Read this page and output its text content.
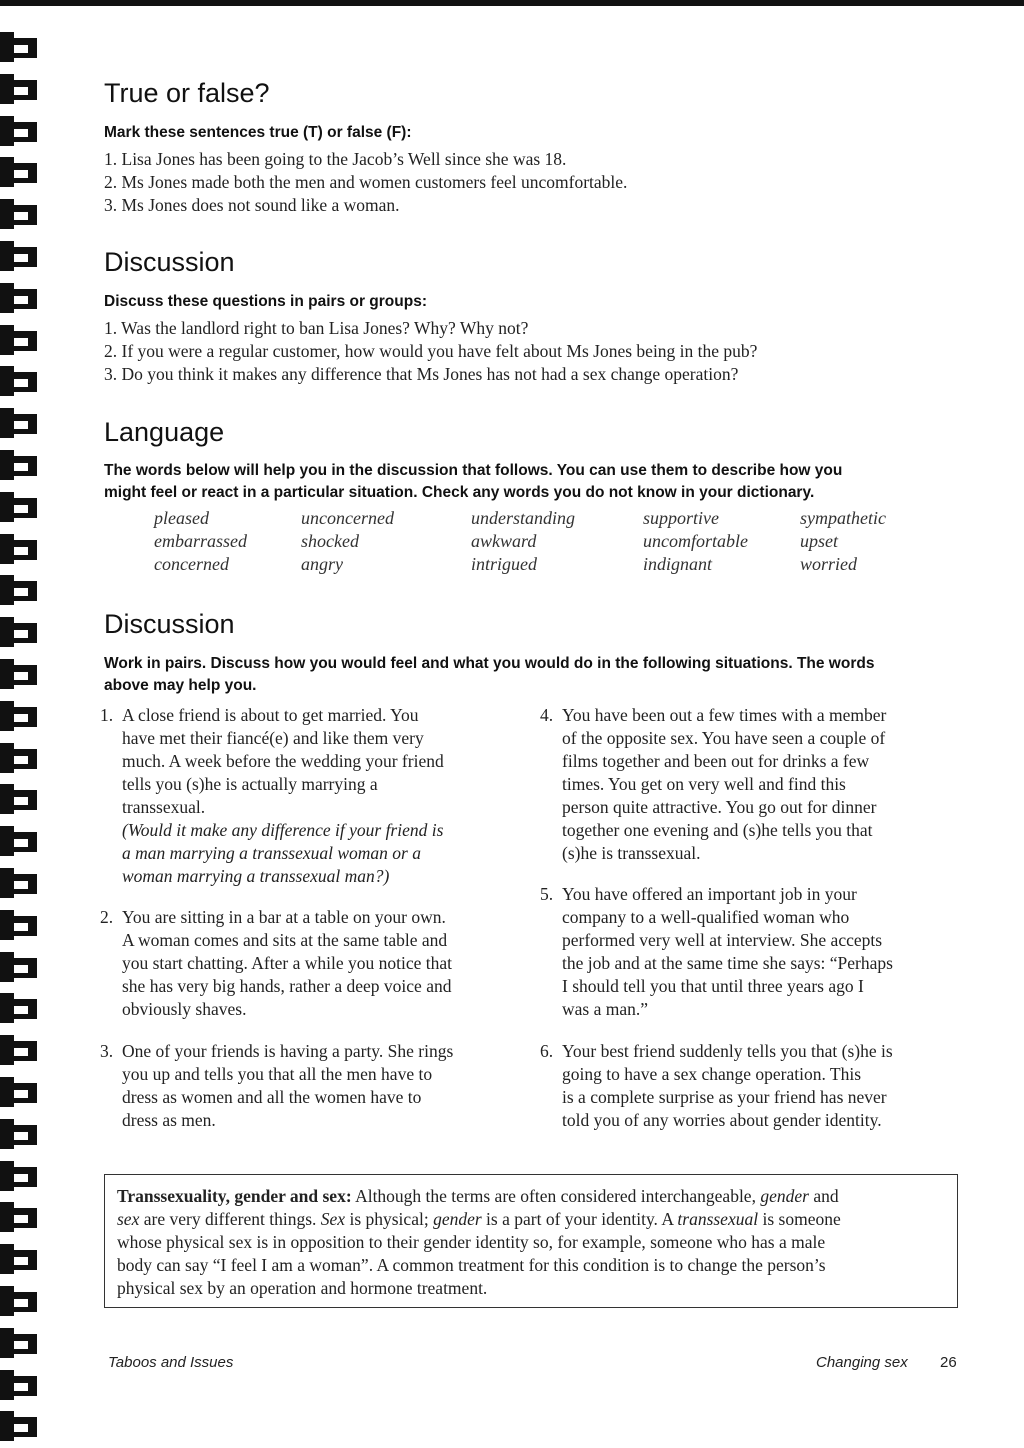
True or false?

Mark these sentences true (T) or false (F):

1. Lisa Jones has been going to the Jacob’s Well since she was 18.
2. Ms Jones made both the men and women customers feel uncomfortable.
3. Ms Jones does not sound like a woman.
Discussion

Discuss these questions in pairs or groups:

1. Was the landlord right to ban Lisa Jones? Why? Why not?
2. If you were a regular customer, how would you have felt about Ms Jones being in the pub?
3. Do you think it makes any difference that Ms Jones has not had a sex change operation?
Language

The words below will help you in the discussion that follows. You can use them to describe how you

might feel or react in a particular situation. Check any words you do not know in your dictionary.

pleased	unconcerned	understanding	supportive	sympathetic
embarrassed	shocked	awkward	uncomfortable	upset
concerned	angry	intrigued	indignant	worried
Discussion

Work in pairs. Discuss how you would feel and what you would do in the following situations. The words

above may help you.

1. A close friend is about to get married. You
have met their fiancé(e) and like them very
much. A week before the wedding your friend
tells you (s)he is actually marrying a
transsexual.
(Would it make any difference if your friend is
a man marrying a transsexual woman or a
woman marrying a transsexual man?)
2. You are sitting in a bar at a table on your own.
A woman comes and sits at the same table and
you start chatting. After a while you notice that
she has very big hands, rather a deep voice and
obviously shaves.
3. One of your friends is having a party. She rings
you up and tells you that all the men have to
dress as women and all the women have to
dress as men.
4. You have been out a few times with a member
of the opposite sex. You have seen a couple of
films together and been out for drinks a few
times. You get on very well and find this
person quite attractive. You go out for dinner
together one evening and (s)he tells you that
(s)he is transsexual.
5. You have offered an important job in your
company to a well-qualified woman who
performed very well at interview. She accepts
the job and at the same time she says: “Perhaps
I should tell you that until three years ago I
was a man.”
6. Your best friend suddenly tells you that (s)he is
going to have a sex change operation. This
is a complete surprise as your friend has never
told you of any worries about gender identity.
Transsexuality, gender and sex: Although the terms are often considered interchangeable, gender and
sex are very different things. Sex is physical; gender is a part of your identity. A transsexual is someone
whose physical sex is in opposition to their gender identity so, for example, someone who has a male
body can say “I feel I am a woman”. A common treatment for this condition is to change the person’s
physical sex by an operation and hormone treatment.
Taboos and Issues	Changing sex 26
